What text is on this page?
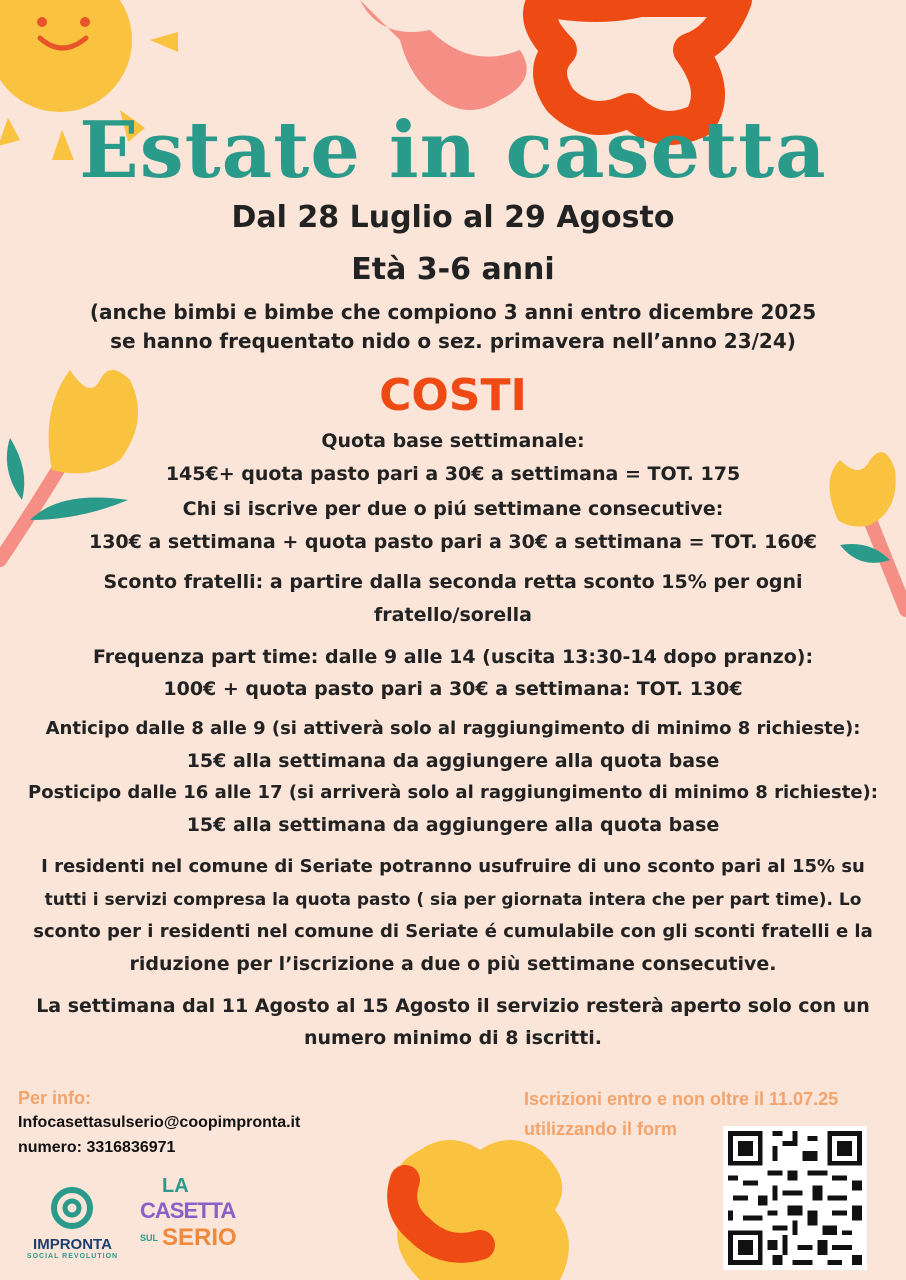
Estate in casetta
Dal 28 Luglio al 29 Agosto
Età 3-6 anni
(anche bimbi e bimbe che compiono 3 anni entro dicembre 2025
se hanno frequentato nido o sez. primavera nell’anno 23/24)
COSTI
Quota base settimanale:
145€+ quota pasto pari a 30€ a settimana = TOT. 175
Chi si iscrive per due o piú settimane consecutive:
130€ a settimana + quota pasto pari a 30€ a settimana = TOT. 160€
Sconto fratelli: a partire dalla seconda retta sconto 15% per ogni
fratello/sorella
Frequenza part time: dalle 9 alle 14 (uscita 13:30-14 dopo pranzo):
100€ + quota pasto pari a 30€ a settimana: TOT. 130€
Anticipo dalle 8 alle 9 (si attiverà solo al raggiungimento di minimo 8 richieste):
15€ alla settimana da aggiungere alla quota base
Posticipo dalle 16 alle 17 (si arriverà solo al raggiungimento di minimo 8 richieste):
15€ alla settimana da aggiungere alla quota base
I residenti nel comune di Seriate potranno usufruire di uno sconto pari al 15% su
tutti i servizi compresa la quota pasto ( sia per giornata intera che per part time). Lo
sconto per i residenti nel comune di Seriate é cumulabile con gli sconti fratelli e la
riduzione per l’iscrizione a due o più settimane consecutive.
La settimana dal 11 Agosto al 15 Agosto il servizio resterà aperto solo con un
numero minimo di 8 iscritti.
Per info:
Infocasettasulserio@coopimpronta.it
numero: 3316836971
Iscrizioni entro e non oltre il 11.07.25
utilizzando il form
IMPRONTA
SOCIAL REVOLUTION
LA
CASETTA
SUL SERIO
